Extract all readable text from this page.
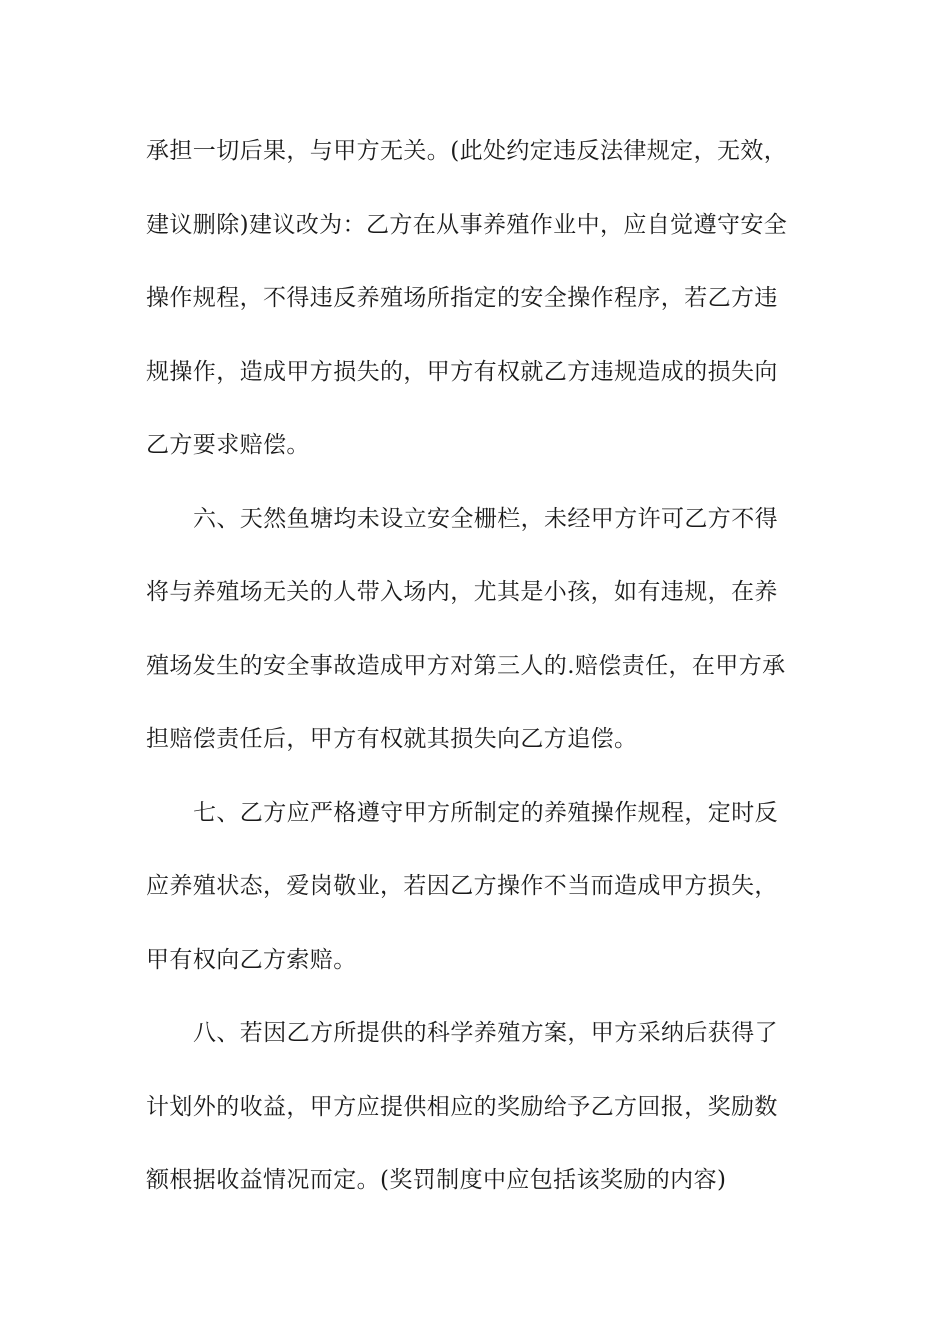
承担一切后果，与甲方无关。(此处约定违反法律规定，无效，
建议删除)建议改为：乙方在从事养殖作业中，应自觉遵守安全
操作规程，不得违反养殖场所指定的安全操作程序，若乙方违
规操作，造成甲方损失的，甲方有权就乙方违规造成的损失向
乙方要求赔偿。
六、天然鱼塘均未设立安全栅栏，未经甲方许可乙方不得
将与养殖场无关的人带入场内，尤其是小孩，如有违规，在养
殖场发生的安全事故造成甲方对第三人的.赔偿责任，在甲方承
担赔偿责任后，甲方有权就其损失向乙方追偿。
七、乙方应严格遵守甲方所制定的养殖操作规程，定时反
应养殖状态，爱岗敬业，若因乙方操作不当而造成甲方损失，
甲有权向乙方索赔。
八、若因乙方所提供的科学养殖方案，甲方采纳后获得了
计划外的收益，甲方应提供相应的奖励给予乙方回报，奖励数
额根据收益情况而定。(奖罚制度中应包括该奖励的内容)
